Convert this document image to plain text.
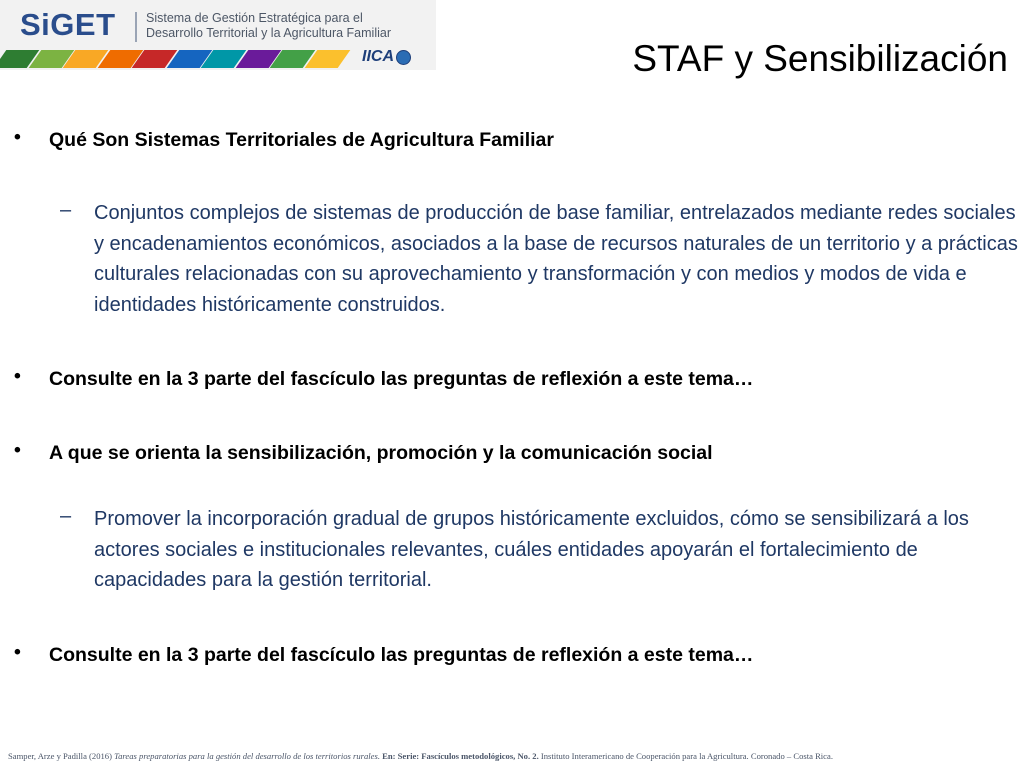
SiGET Sistema de Gestión Estratégica para el
Desarrollo Territorial y la Agricultura Familiar
IICA	STAF y Sensibilización
• Qué Son Sistemas Territoriales de Agricultura Familiar
– Conjuntos complejos de sistemas de producción de base familiar, entrelazados mediante redes sociales y encadenamientos económicos, asociados a la base de recursos naturales de un territorio y a prácticas culturales relacionadas con su aprovechamiento y transformación y con medios y modos de vida e identidades históricamente construidos.
• Consulte en la 3 parte del fascículo las preguntas de reflexión a este tema…
• A que se orienta la sensibilización, promoción y la comunicación social
– Promover la incorporación gradual de grupos históricamente excluidos, cómo se sensibilizará a los actores sociales e institucionales relevantes, cuáles entidades apoyarán el fortalecimiento de capacidades para la gestión territorial.
• Consulte en la 3 parte del fascículo las preguntas de reflexión a este tema…
Samper, Arze y Padilla (2016) Tareas preparatorias para la gestión del desarrollo de los territorios rurales. En: Serie: Fascículos metodológicos, No. 2. Instituto Interamericano de Cooperación para la Agricultura. Coronado – Costa Rica.
